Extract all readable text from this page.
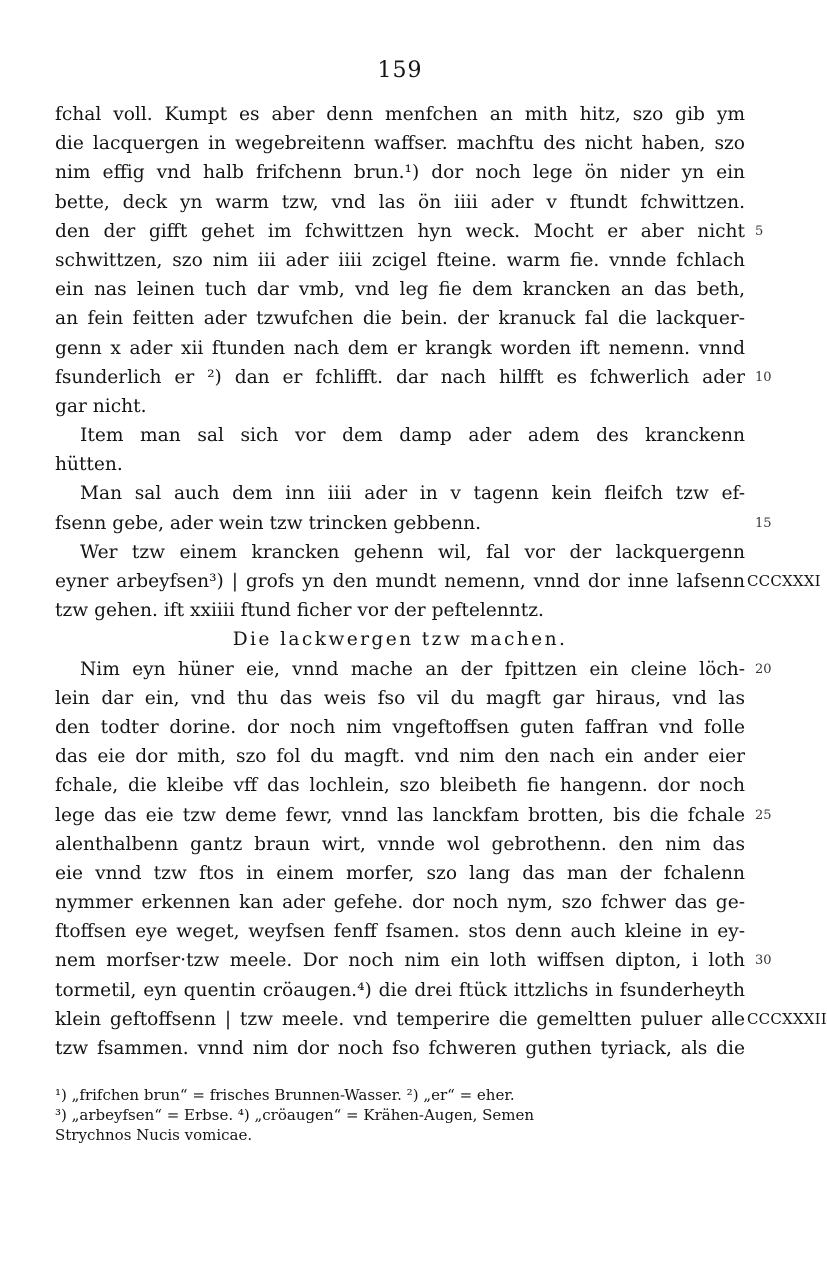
159
fchal voll. Kumpt es aber denn menfchen an mith hitz, szo gib ym
die lacquergen in wegebreitenn waffser. machftu des nicht haben, szo
nim effig vnd halb frifchenn brun.¹) dor noch lege ön nider yn ein
bette, deck yn warm tzw, vnd las ön iiii ader v ftundt fchwittzen.
den der gifft gehet im fchwittzen hyn weck. Mocht er aber nicht 5
schwittzen, szo nim iii ader iiii zcigel fteine. warm fie. vnnde fchlach
ein nas leinen tuch dar vmb, vnd leg fie dem krancken an das beth,
an fein feitten ader tzwufchen die bein. der kranuck fal die lackquer-
genn x ader xii ftunden nach dem er krangk worden ift nemenn. vnnd
fsunderlich er ²) dan er fchlifft. dar nach hilfft es fchwerlich ader 10
gar nicht.
Item man sal sich vor dem damp ader adem des kranckenn
hütten.
Man sal auch dem inn iiii ader in v tagenn kein fleifch tzw ef-
fsenn gebe, ader wein tzw trincken gebbenn.	15
Wer tzw einem krancken gehenn wil, fal vor der lackquergenn
eyner arbeyfsen³) | grofs yn den mundt nemenn, vnnd dor inne lafsenn CCCXXXI
tzw gehen. ift xxiiii ftund ficher vor der peftelenntz.
Die lackwergen tzw machen.
Nim eyn hüner eie, vnnd mache an der fpittzen ein cleine löch- 20
lein dar ein, vnd thu das weis fso vil du magft gar hiraus, vnd las
den todter dorine. dor noch nim vngeftoffsen guten faffran vnd folle
das eie dor mith, szo fol du magft. vnd nim den nach ein ander eier
fchale, die kleibe vff das lochlein, szo bleibeth fie hangenn. dor noch
lege das eie tzw deme fewr, vnnd las lanckfam brotten, bis die fchale 25
alenthalbenn gantz braun wirt, vnnde wol gebrothenn. den nim das
eie vnnd tzw ftos in einem morfer, szo lang das man der fchalenn
nymmer erkennen kan ader gefehe. dor noch nym, szo fchwer das ge-
ftoffsen eye weget, weyfsen fenff fsamen. stos denn auch kleine in ey-
nem morfser·tzw meele. Dor noch nim ein loth wiffsen dipton, i loth 30
tormetil, eyn quentin cröaugen.⁴) die drei ftück ittzlichs in fsunderheyth
klein geftoffsenn | tzw meele. vnd temperire die gemeltten puluer alle CCCXXXII
tzw fsammen. vnnd nim dor noch fso fchweren guthen tyriack, als die
¹) „frifchen brun“ = frisches Brunnen-Wasser. ²) „er“ = eher.
³) „arbeyfsen“ = Erbse. ⁴) „cröaugen“ = Krähen-Augen, Semen
Strychnos Nucis vomicae.
